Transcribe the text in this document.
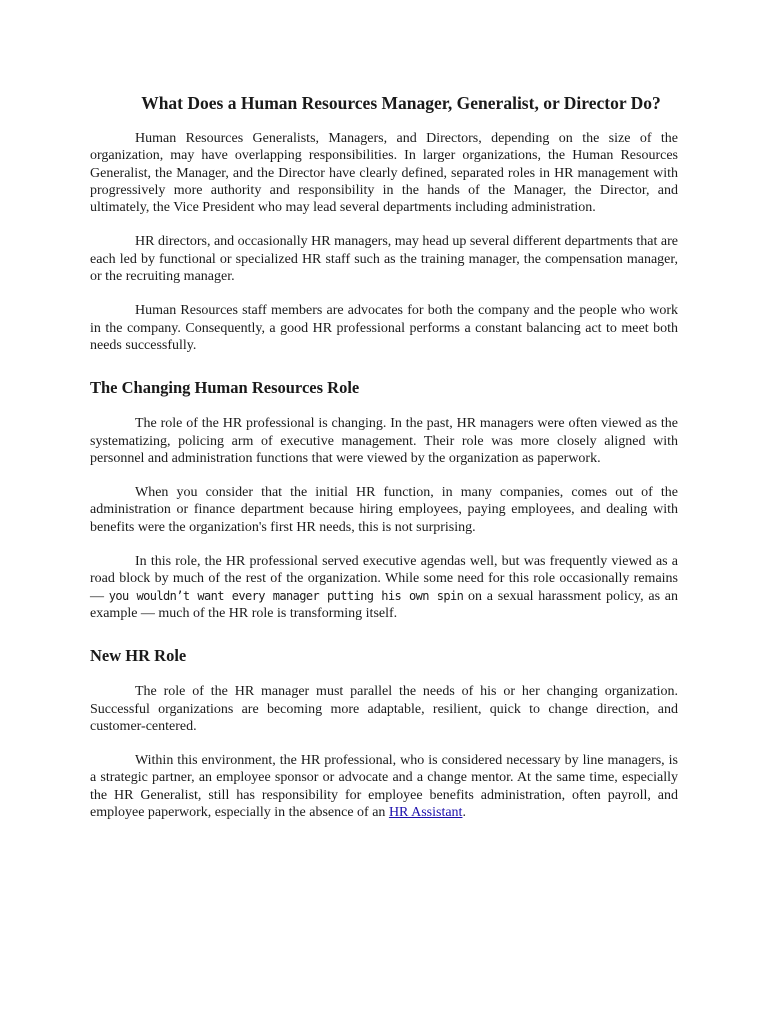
What Does a Human Resources Manager, Generalist, or Director Do?

Human Resources Generalists, Managers, and Directors, depending on the size of the organization, may have overlapping responsibilities. In larger organizations, the Human Resources Generalist, the Manager, and the Director have clearly defined, separated roles in HR management with progressively more authority and responsibility in the hands of the Manager, the Director, and ultimately, the Vice President who may lead several departments including administration.

HR directors, and occasionally HR managers, may head up several different departments that are each led by functional or specialized HR staff such as the training manager, the compensation manager, or the recruiting manager.

Human Resources staff members are advocates for both the company and the people who work in the company. Consequently, a good HR professional performs a constant balancing act to meet both needs successfully.

The Changing Human Resources Role

The role of the HR professional is changing. In the past, HR managers were often viewed as the systematizing, policing arm of executive management. Their role was more closely aligned with personnel and administration functions that were viewed by the organization as paperwork.

When you consider that the initial HR function, in many companies, comes out of the administration or finance department because hiring employees, paying employees, and dealing with benefits were the organization's first HR needs, this is not surprising.

In this role, the HR professional served executive agendas well, but was frequently viewed as a road block by much of the rest of the organization. While some need for this role occasionally remains — you wouldn’t want every manager putting his own spin on a sexual harassment policy, as an example — much of the HR role is transforming itself.

New HR Role

The role of the HR manager must parallel the needs of his or her changing organization. Successful organizations are becoming more adaptable, resilient, quick to change direction, and customer-centered.

Within this environment, the HR professional, who is considered necessary by line managers, is a strategic partner, an employee sponsor or advocate and a change mentor. At the same time, especially the HR Generalist, still has responsibility for employee benefits administration, often payroll, and employee paperwork, especially in the absence of an HR Assistant.
